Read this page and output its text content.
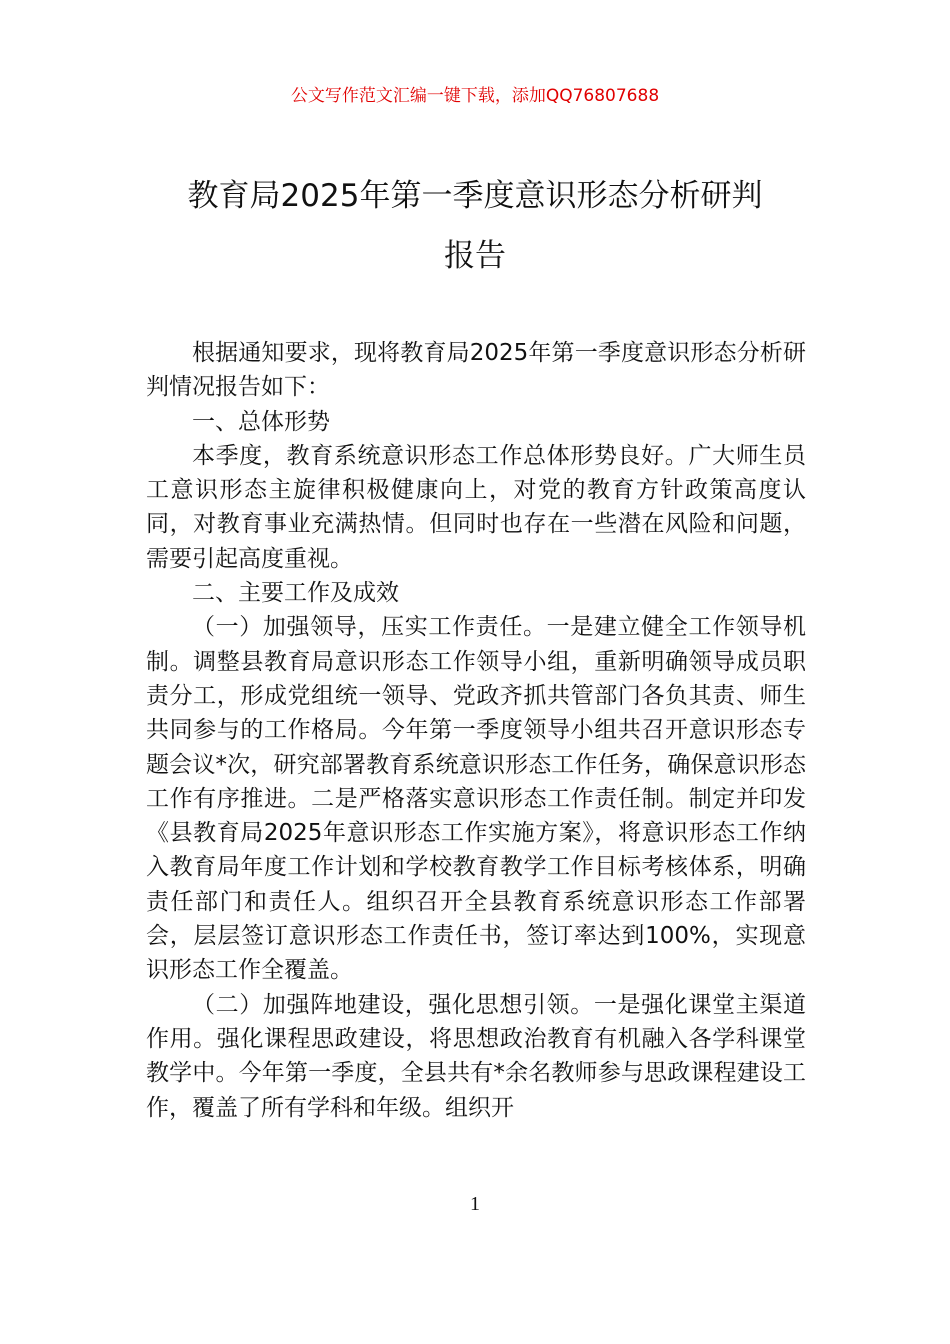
公文写作范文汇编一键下载，添加QQ76807688
教育局2025年第一季度意识形态分析研判
报告

根据通知要求，现将教育局2025年第一季度意识形态分析研判情况报告如下：

一、总体形势

本季度，教育系统意识形态工作总体形势良好。广大师生员工意识形态主旋律积极健康向上，对党的教育方针政策高度认同，对教育事业充满热情。但同时也存在一些潜在风险和问题，需要引起高度重视。

二、主要工作及成效

（一）加强领导，压实工作责任。一是建立健全工作领导机制。调整县教育局意识形态工作领导小组，重新明确领导成员职责分工，形成党组统一领导、党政齐抓共管部门各负其责、师生共同参与的工作格局。今年第一季度领导小组共召开意识形态专题会议*次，研究部署教育系统意识形态工作任务，确保意识形态工作有序推进。二是严格落实意识形态工作责任制。制定并印发《县教育局2025年意识形态工作实施方案》，将意识形态工作纳入教育局年度工作计划和学校教育教学工作目标考核体系，明确责任部门和责任人。组织召开全县教育系统意识形态工作部署会，层层签订意识形态工作责任书，签订率达到100%，实现意识形态工作全覆盖。

（二）加强阵地建设，强化思想引领。一是强化课堂主渠道作用。强化课程思政建设，将思想政治教育有机融入各学科课堂教学中。今年第一季度，全县共有*余名教师参与思政课程建设工作，覆盖了所有学科和年级。组织开

1
